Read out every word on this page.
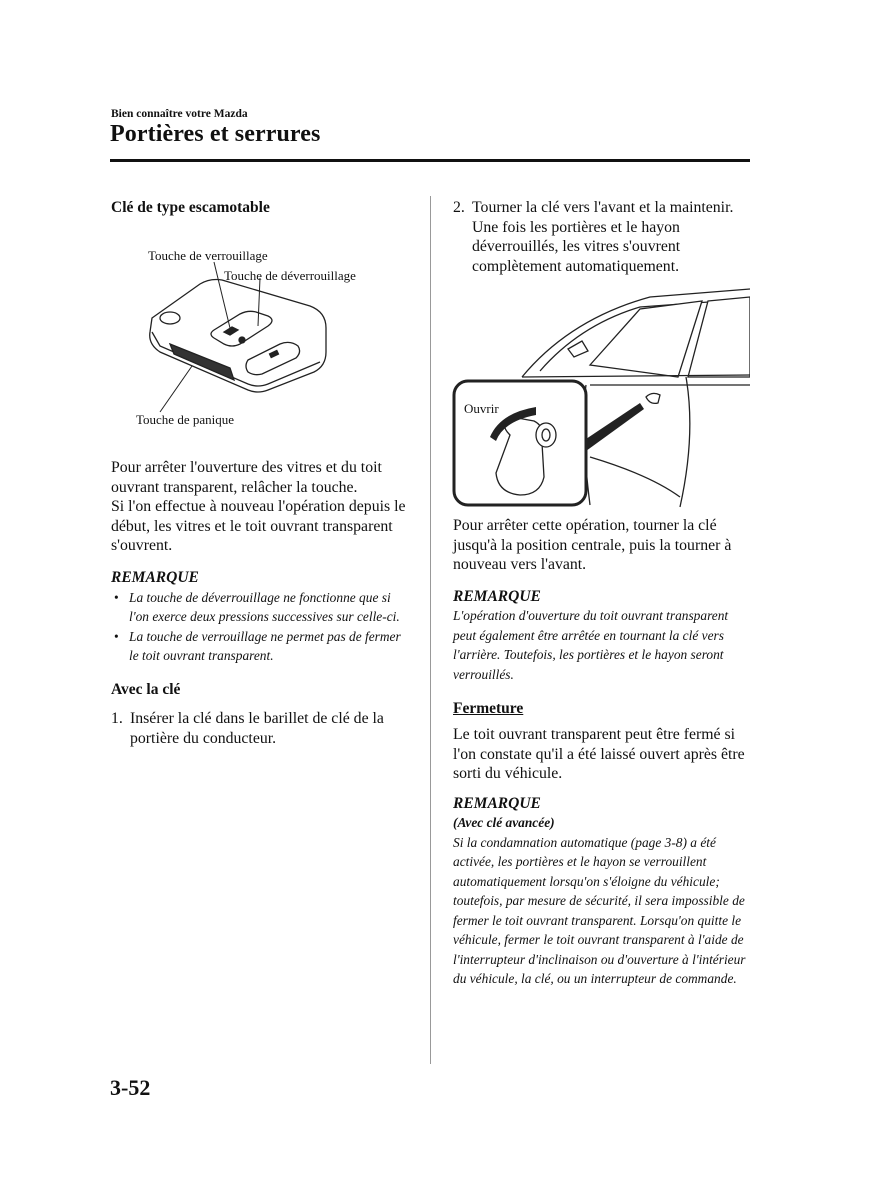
Bien connaître votre Mazda
Portières et serrures

Clé de type escamotable

Touche de verrouillage
Touche de déverrouillage
Touche de panique

Pour arrêter l'ouverture des vitres et du toit ouvrant transparent, relâcher la touche.

Si l'on effectue à nouveau l'opération depuis le début, les vitres et le toit ouvrant transparent s'ouvrent.

REMARQUE

• La touche de déverrouillage ne fonctionne que si l'on exerce deux pressions successives sur celle-ci.

• La touche de verrouillage ne permet pas de fermer le toit ouvrant transparent.

Avec la clé

1. Insérer la clé dans le barillet de clé de la portière du conducteur.

2. Tourner la clé vers l'avant et la maintenir. Une fois les portières et le hayon déverrouillés, les vitres s'ouvrent complètement automatiquement.

Ouvrir

Pour arrêter cette opération, tourner la clé jusqu'à la position centrale, puis la tourner à nouveau vers l'avant.

REMARQUE

L'opération d'ouverture du toit ouvrant transparent peut également être arrêtée en tournant la clé vers l'arrière. Toutefois, les portières et le hayon seront verrouillés.

Fermeture

Le toit ouvrant transparent peut être fermé si l'on constate qu'il a été laissé ouvert après être sorti du véhicule.

REMARQUE

(Avec clé avancée)

Si la condamnation automatique (page 3-8) a été activée, les portières et le hayon se verrouillent automatiquement lorsqu'on s'éloigne du véhicule; toutefois, par mesure de sécurité, il sera impossible de fermer le toit ouvrant transparent. Lorsqu'on quitte le véhicule, fermer le toit ouvrant transparent à l'aide de l'interrupteur d'inclinaison ou d'ouverture à l'intérieur du véhicule, la clé, ou un interrupteur de commande.

3-52
